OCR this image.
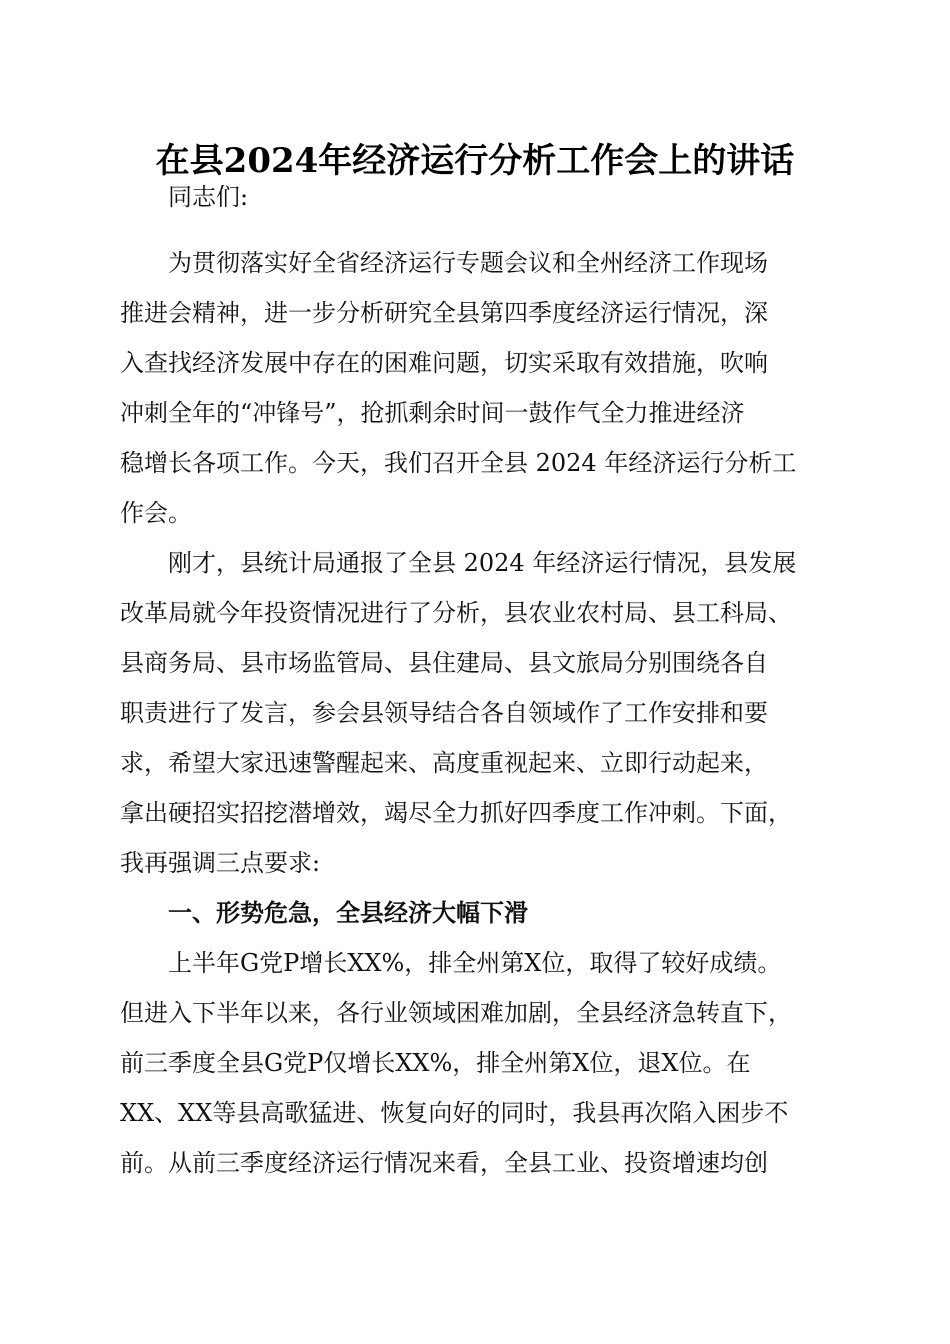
在县2024年经济运行分析工作会上的讲话
同志们:
为贯彻落实好全省经济运行专题会议和全州经济工作现场
推进会精神，进一步分析研究全县第四季度经济运行情况，深
入查找经济发展中存在的困难问题，切实采取有效措施，吹响
冲刺全年的“冲锋号”，抢抓剩余时间一鼓作气全力推进经济
稳增长各项工作。今天，我们召开全县 2024 年经济运行分析工
作会。
刚才，县统计局通报了全县 2024 年经济运行情况，县发展
改革局就今年投资情况进行了分析，县农业农村局、县工科局、
县商务局、县市场监管局、县住建局、县文旅局分别围绕各自
职责进行了发言，参会县领导结合各自领域作了工作安排和要
求，希望大家迅速警醒起来、高度重视起来、立即行动起来，
拿出硬招实招挖潜增效，竭尽全力抓好四季度工作冲刺。下面，
我再强调三点要求:
一、形势危急，全县经济大幅下滑
上半年G党P增长XX%，排全州第X位，取得了较好成绩。
但进入下半年以来，各行业领域困难加剧，全县经济急转直下，
前三季度全县G党P仅增长XX%，排全州第X位，退X位。在
XX、XX等县高歌猛进、恢复向好的同时，我县再次陷入困步不
前。从前三季度经济运行情况来看，全县工业、投资增速均创
